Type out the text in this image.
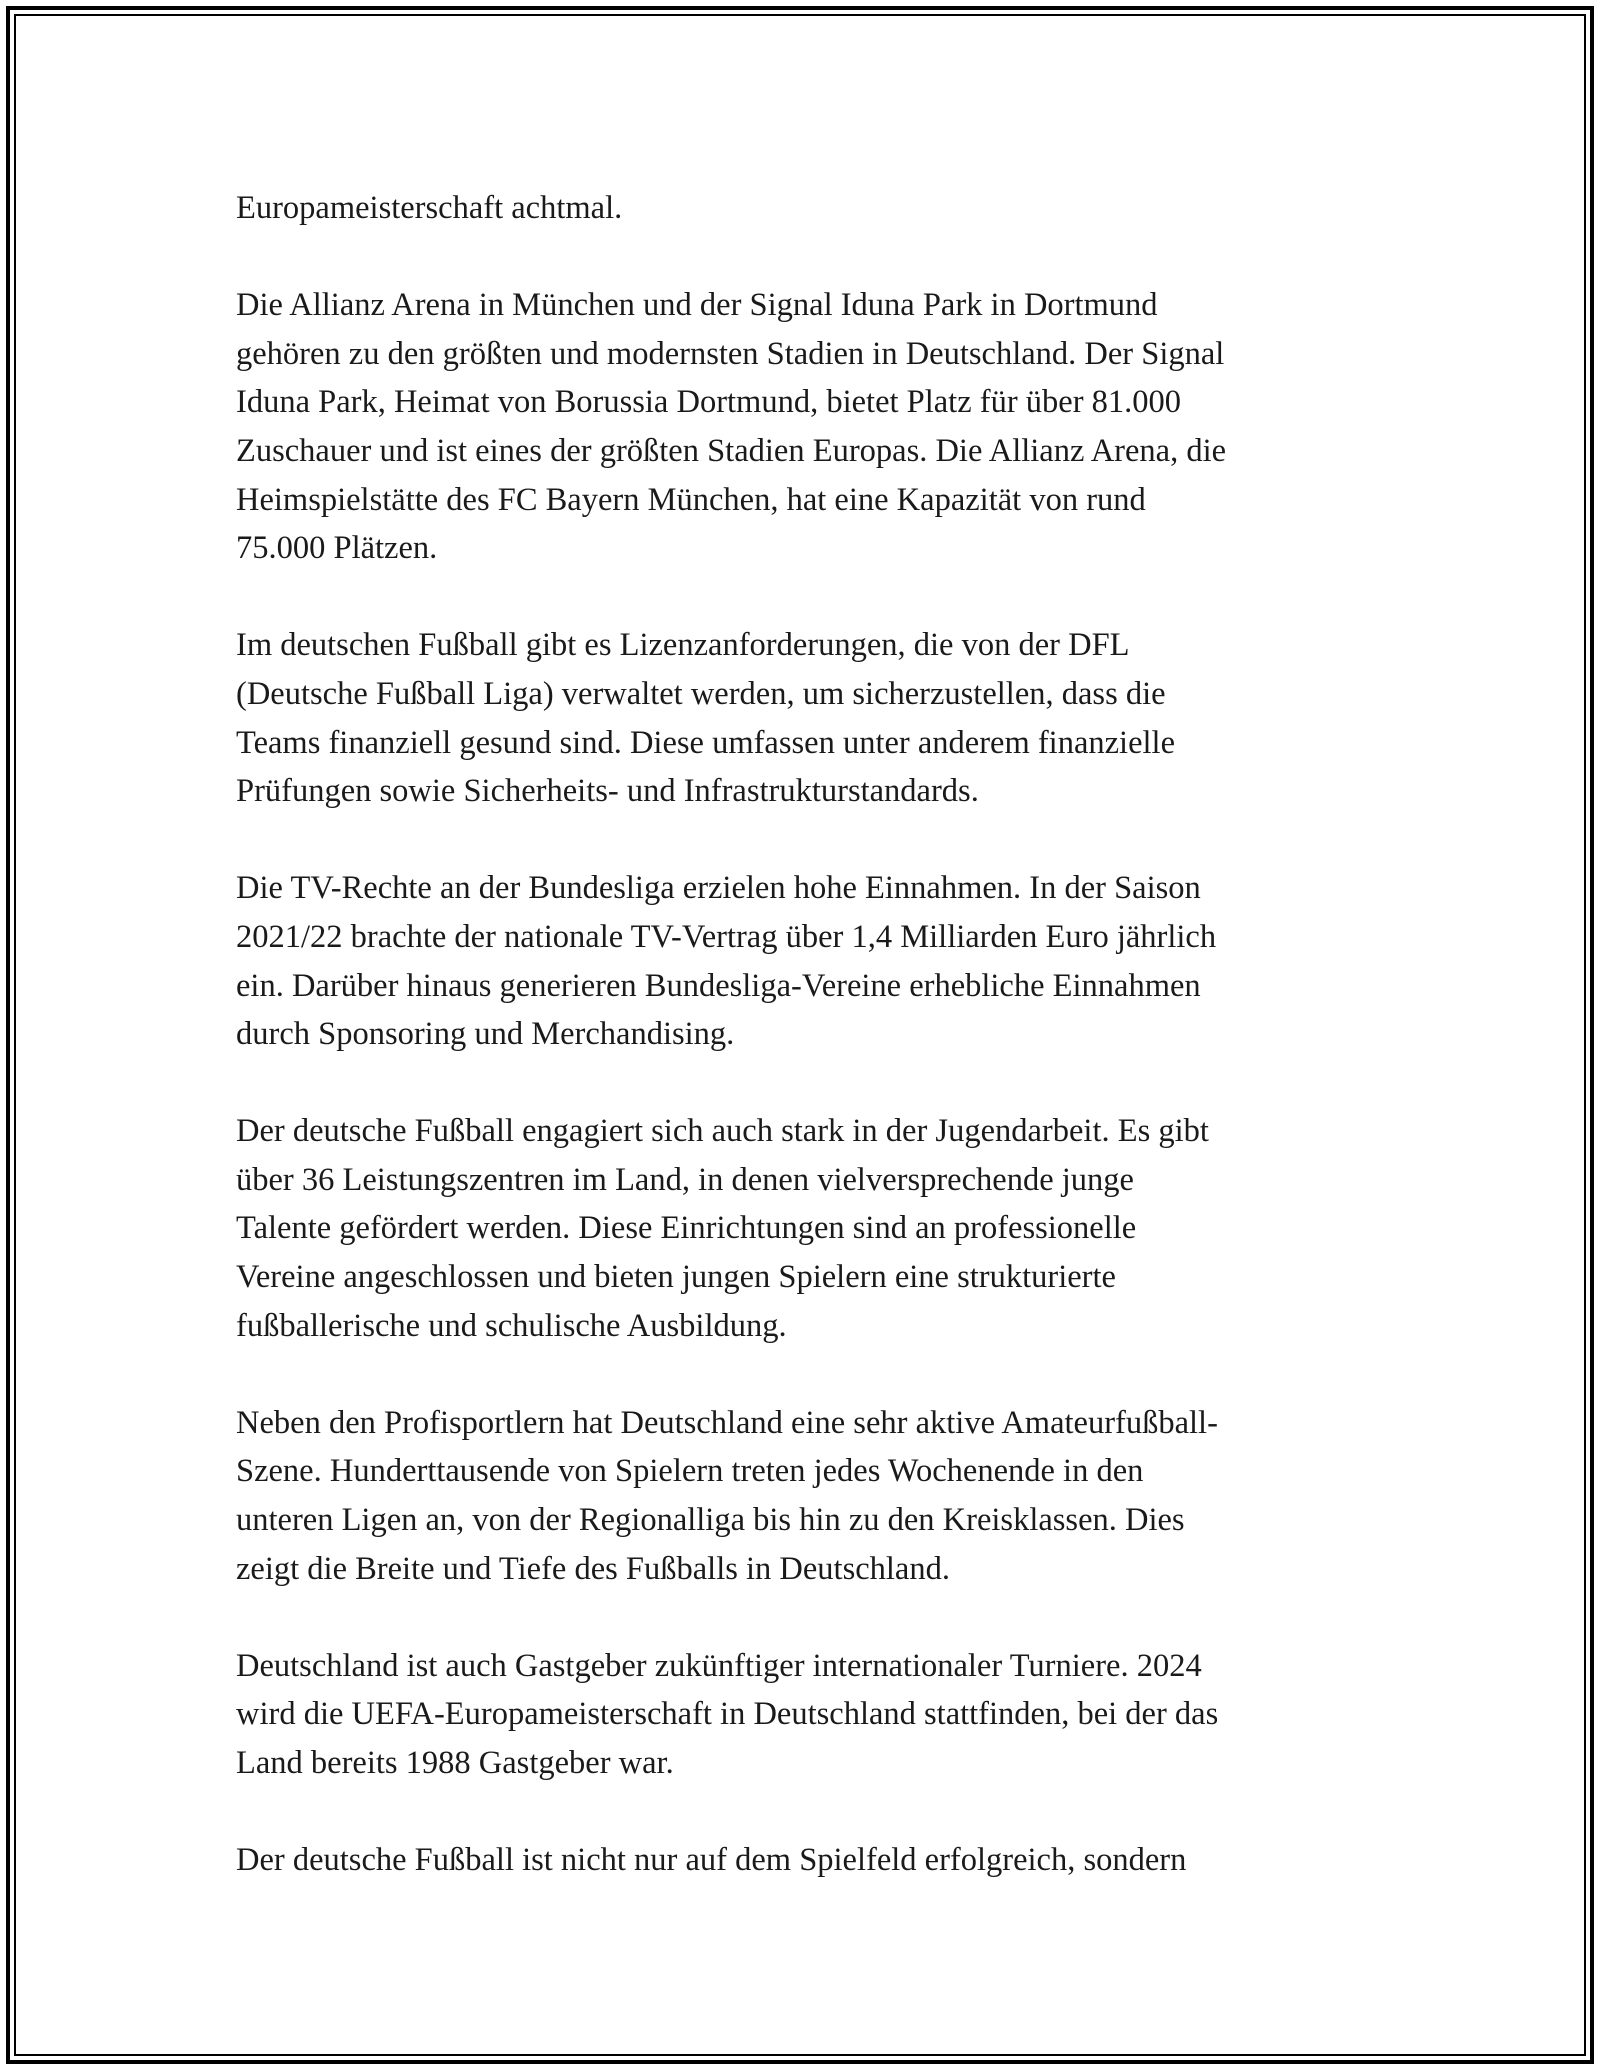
Europameisterschaft achtmal.

Die Allianz Arena in München und der Signal Iduna Park in Dortmund
gehören zu den größten und modernsten Stadien in Deutschland. Der Signal
Iduna Park, Heimat von Borussia Dortmund, bietet Platz für über 81.000
Zuschauer und ist eines der größten Stadien Europas. Die Allianz Arena, die
Heimspielstätte des FC Bayern München, hat eine Kapazität von rund
75.000 Plätzen.

Im deutschen Fußball gibt es Lizenzanforderungen, die von der DFL
(Deutsche Fußball Liga) verwaltet werden, um sicherzustellen, dass die
Teams finanziell gesund sind. Diese umfassen unter anderem finanzielle
Prüfungen sowie Sicherheits- und Infrastrukturstandards.

Die TV-Rechte an der Bundesliga erzielen hohe Einnahmen. In der Saison
2021/22 brachte der nationale TV-Vertrag über 1,4 Milliarden Euro jährlich
ein. Darüber hinaus generieren Bundesliga-Vereine erhebliche Einnahmen
durch Sponsoring und Merchandising.

Der deutsche Fußball engagiert sich auch stark in der Jugendarbeit. Es gibt
über 36 Leistungszentren im Land, in denen vielversprechende junge
Talente gefördert werden. Diese Einrichtungen sind an professionelle
Vereine angeschlossen und bieten jungen Spielern eine strukturierte
fußballerische und schulische Ausbildung.

Neben den Profisportlern hat Deutschland eine sehr aktive Amateurfußball-
Szene. Hunderttausende von Spielern treten jedes Wochenende in den
unteren Ligen an, von der Regionalliga bis hin zu den Kreisklassen. Dies
zeigt die Breite und Tiefe des Fußballs in Deutschland.

Deutschland ist auch Gastgeber zukünftiger internationaler Turniere. 2024
wird die UEFA-Europameisterschaft in Deutschland stattfinden, bei der das
Land bereits 1988 Gastgeber war.

Der deutsche Fußball ist nicht nur auf dem Spielfeld erfolgreich, sondern
